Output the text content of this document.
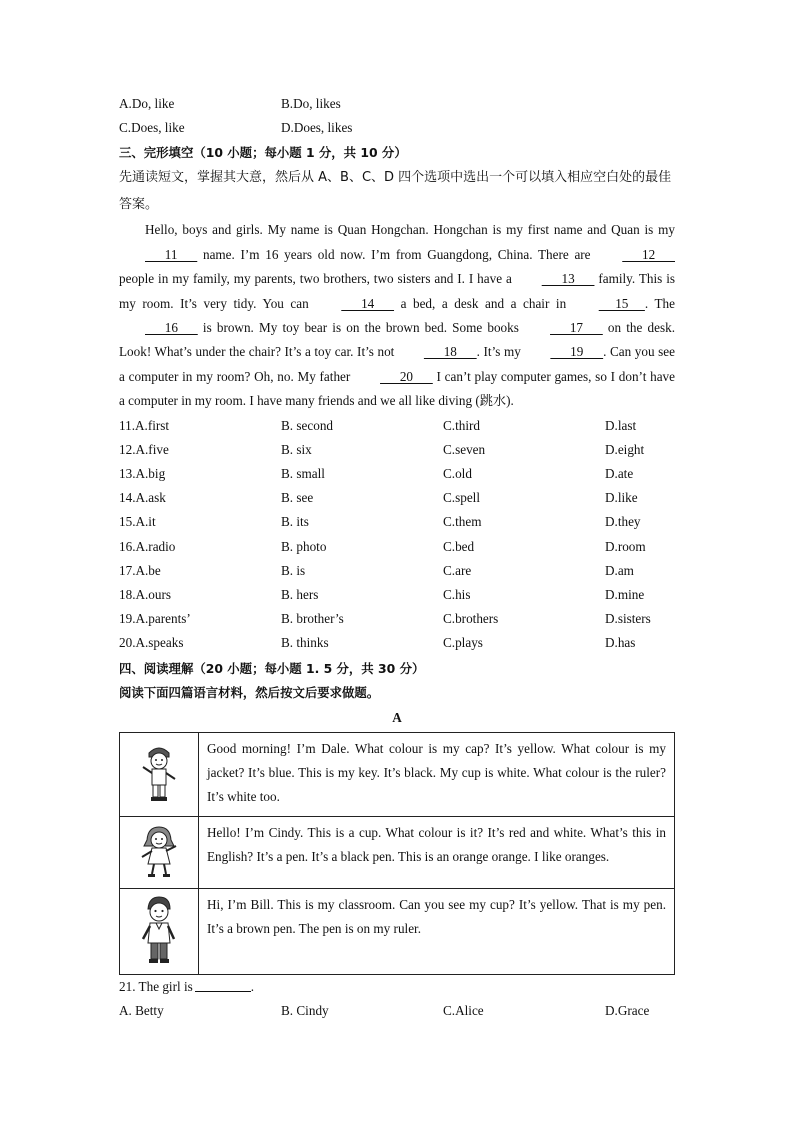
A.Do, like	B.Do, likes
C.Does, like	D.Does, likes
三、完形填空（10 小题；每小题 1 分，共 10 分）
先通读短文，掌握其大意，然后从 A、B、C、D 四个选项中选出一个可以填入相应空白处的最佳答案。
Hello, boys and girls. My name is Quan Hongchan. Hongchan is my first name and Quan is my       11       name. I’m 16 years old now. I’m from Guangdong, China. There are       12       people in my family, my parents, two brothers, two sisters and I. I have a       13       family. This is my room. It’s very tidy. You can       14       a bed, a desk and a chair in      15     . The       16       is brown. My toy bear is on the brown bed. Some books       17       on the desk. Look! What’s under the chair? It’s a toy car. It’s not       18      . It’s my       19      . Can you see a computer in my room? Oh, no. My father       20       I can’t play computer games, so I don’t have a computer in my room. I have many friends and we all like diving (跳水).
11.A.first	B. second	C.third	D.last
12.A.five	B. six	C.seven	D.eight
13.A.big	B. small	C.old	D.ate
14.A.ask	B. see	C.spell	D.like
15.A.it	B. its	C.them	D.they
16.A.radio	B. photo	C.bed	D.room
17.A.be	B. is	C.are	D.am
18.A.ours	B. hers	C.his	D.mine
19.A.parents’	B. brother’s	C.brothers	D.sisters
20.A.speaks	B. thinks	C.plays	D.has
四、阅读理解（20 小题；每小题 1. 5 分，共 30 分）
阅读下面四篇语言材料，然后按文后要求做题。
A
	Good morning! I’m Dale. What colour is my cap? It’s yellow. What colour is my jacket? It’s blue. This is my key. It’s black. My cup is white. What colour is the ruler? It’s white too.

	Hello! I’m Cindy. This is a cup. What colour is it? It’s red and white. What’s this in English? It’s a pen. It’s a black pen. This is an orange orange. I like oranges.

	Hi, I’m Bill. This is my classroom. Can you see my cup? It’s yellow. That is my pen. It’s a brown pen. The pen is on my ruler.
21. The girl is	.
A. Betty	B. Cindy	C.Alice	D.Grace
